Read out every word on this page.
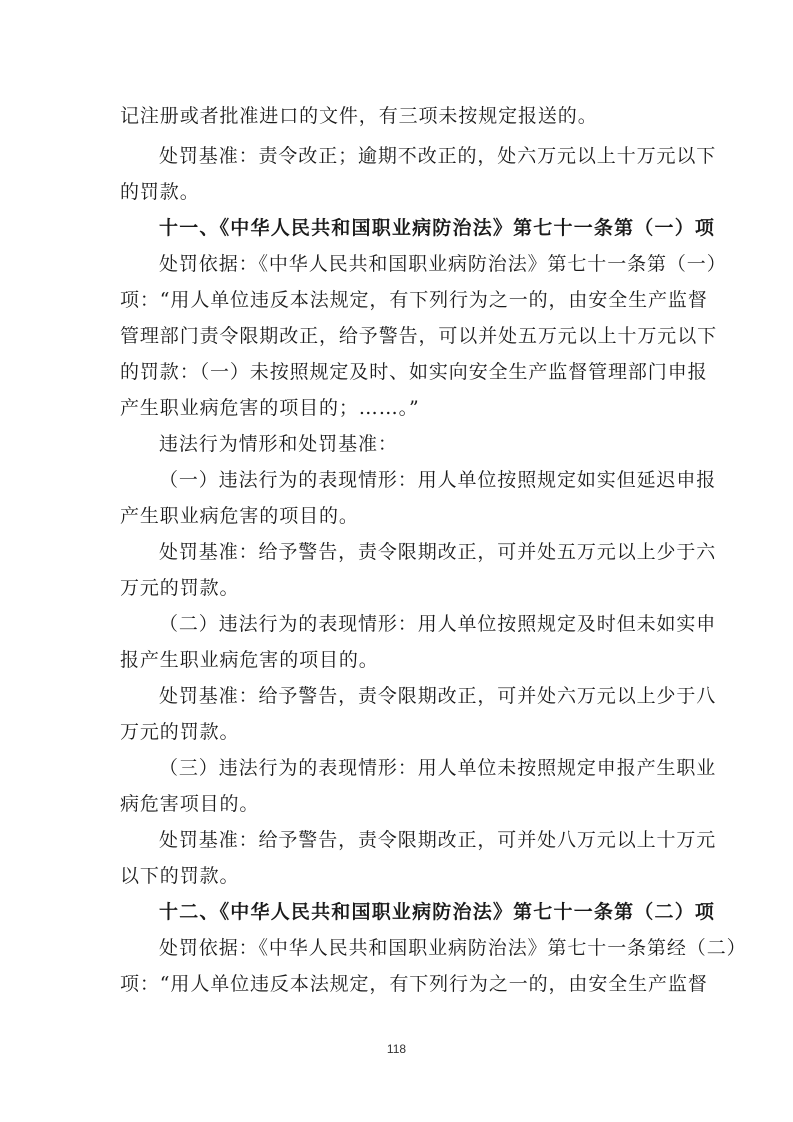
记注册或者批准进口的文件，有三项未按规定报送的。
处罚基准：责令改正；逾期不改正的，处六万元以上十万元以下
的罚款。
十一、《中华人民共和国职业病防治法》第七十一条第（一）项
处罚依据：《中华人民共和国职业病防治法》第七十一条第（一）
项：“用人单位违反本法规定，有下列行为之一的，由安全生产监督
管理部门责令限期改正，给予警告，可以并处五万元以上十万元以下
的罚款：（一）未按照规定及时、如实向安全生产监督管理部门申报
产生职业病危害的项目的；……。”
违法行为情形和处罚基准：
（一）违法行为的表现情形：用人单位按照规定如实但延迟申报
产生职业病危害的项目的。
处罚基准：给予警告，责令限期改正，可并处五万元以上少于六
万元的罚款。
（二）违法行为的表现情形：用人单位按照规定及时但未如实申
报产生职业病危害的项目的。
处罚基准：给予警告，责令限期改正，可并处六万元以上少于八
万元的罚款。
（三）违法行为的表现情形：用人单位未按照规定申报产生职业
病危害项目的。
处罚基准：给予警告，责令限期改正，可并处八万元以上十万元
以下的罚款。
十二、《中华人民共和国职业病防治法》第七十一条第（二）项
处罚依据：《中华人民共和国职业病防治法》第七十一条第经（二）
项：“用人单位违反本法规定，有下列行为之一的，由安全生产监督
118
